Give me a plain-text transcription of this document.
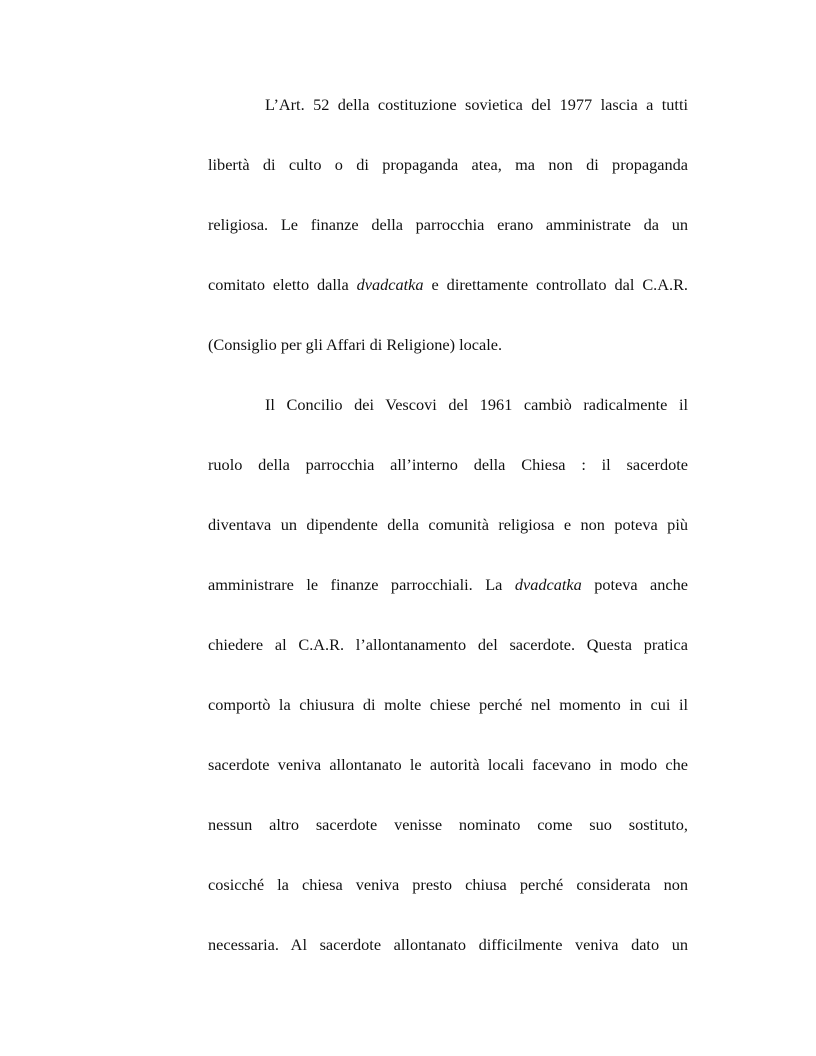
L’Art. 52 della costituzione sovietica del 1977 lascia a tutti
libertà di culto o di propaganda atea, ma non di propaganda
religiosa. Le finanze della parrocchia erano amministrate da un
comitato eletto dalla dvadcatka e direttamente controllato dal C.A.R.
(Consiglio per gli Affari di Religione) locale.
Il Concilio dei Vescovi del 1961 cambiò radicalmente il
ruolo della parrocchia all’interno della Chiesa : il sacerdote
diventava un dipendente della comunità religiosa e non poteva più
amministrare le finanze parrocchiali. La dvadcatka poteva anche
chiedere al C.A.R. l’allontanamento del sacerdote. Questa pratica
comportò la chiusura di molte chiese perché nel momento in cui il
sacerdote veniva allontanato le autorità locali facevano in modo che
nessun altro sacerdote venisse nominato come suo sostituto,
cosicché la chiesa veniva presto chiusa perché considerata non
necessaria. Al sacerdote allontanato difficilmente veniva dato un
